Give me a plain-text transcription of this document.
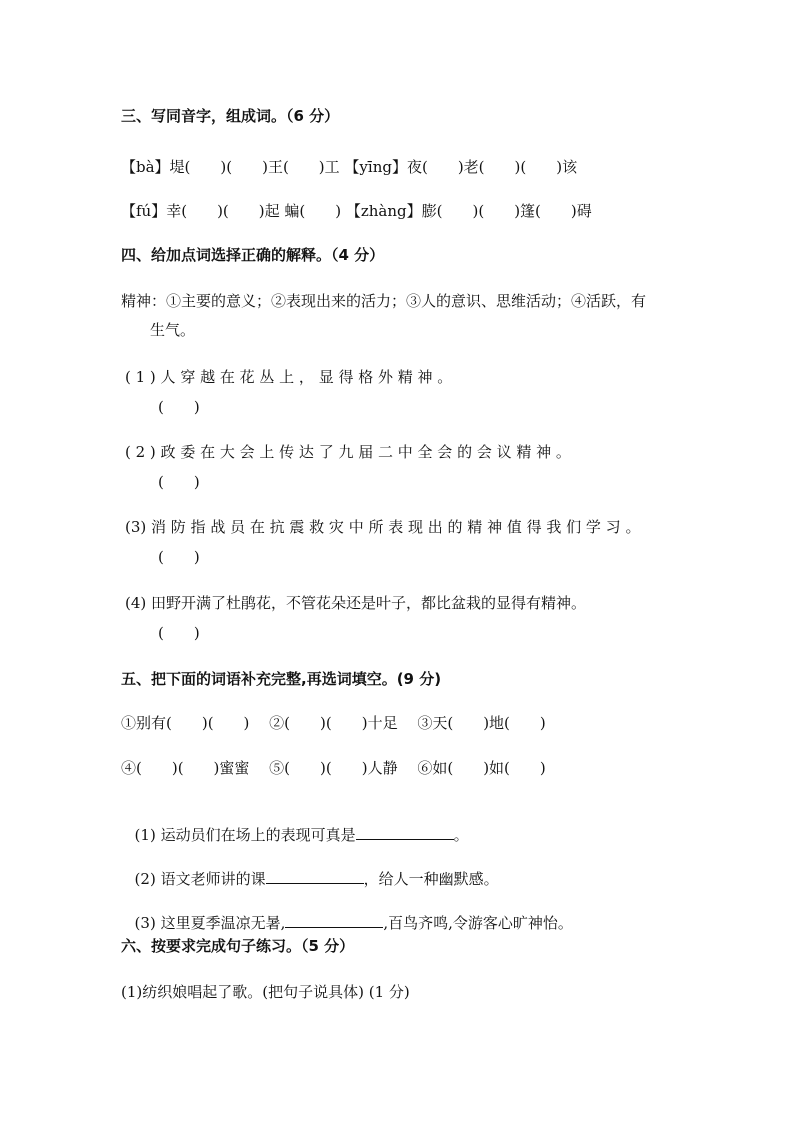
三、写同音字，组成词。（6 分）
【bà】堤(　　)(　　)王(　　)工 【yīng】夜(　　)老(　　)(　　)该
【fú】幸(　　)(　　)起 蝙(　　) 【zhàng】膨(　　)(　　)篷(　　)碍
四、给加点词选择正确的解释。（4 分）
精神：①主要的意义；②表现出来的活力；③人的意识、思维活动；④活跃，有
生气。
( 1 ) 人 穿 越 在 花 丛 上 ， 显 得 格 外 精 神 。
(　　)
( 2 ) 政 委 在 大 会 上 传 达 了 九 届 二 中 全 会 的 会 议 精 神 。
(　　)
(3) 消 防 指 战 员 在 抗 震 救 灾 中 所 表 现 出 的 精 神 值 得 我 们 学 习 。
(　　)
(4) 田野开满了杜鹃花，不管花朵还是叶子，都比盆栽的显得有精神。
(　　)
五、把下面的词语补充完整,再选词填空。(9 分)
①别有(　　)(　　)　 ②(　　)(　　)十足　 ③天(　　)地(　　)
④(　　)(　　)蜜蜜　 ⑤(　　)(　　)人静　 ⑥如(　　)如(　　)

(1) 运动员们在场上的表现可真是	。

(2) 语文老师讲的课	，给人一种幽默感。

(3) 这里夏季温凉无暑,	,百鸟齐鸣,令游客心旷神怡。

六、按要求完成句子练习。（5 分）
(1)纺织娘唱起了歌。(把句子说具体) (1 分)
